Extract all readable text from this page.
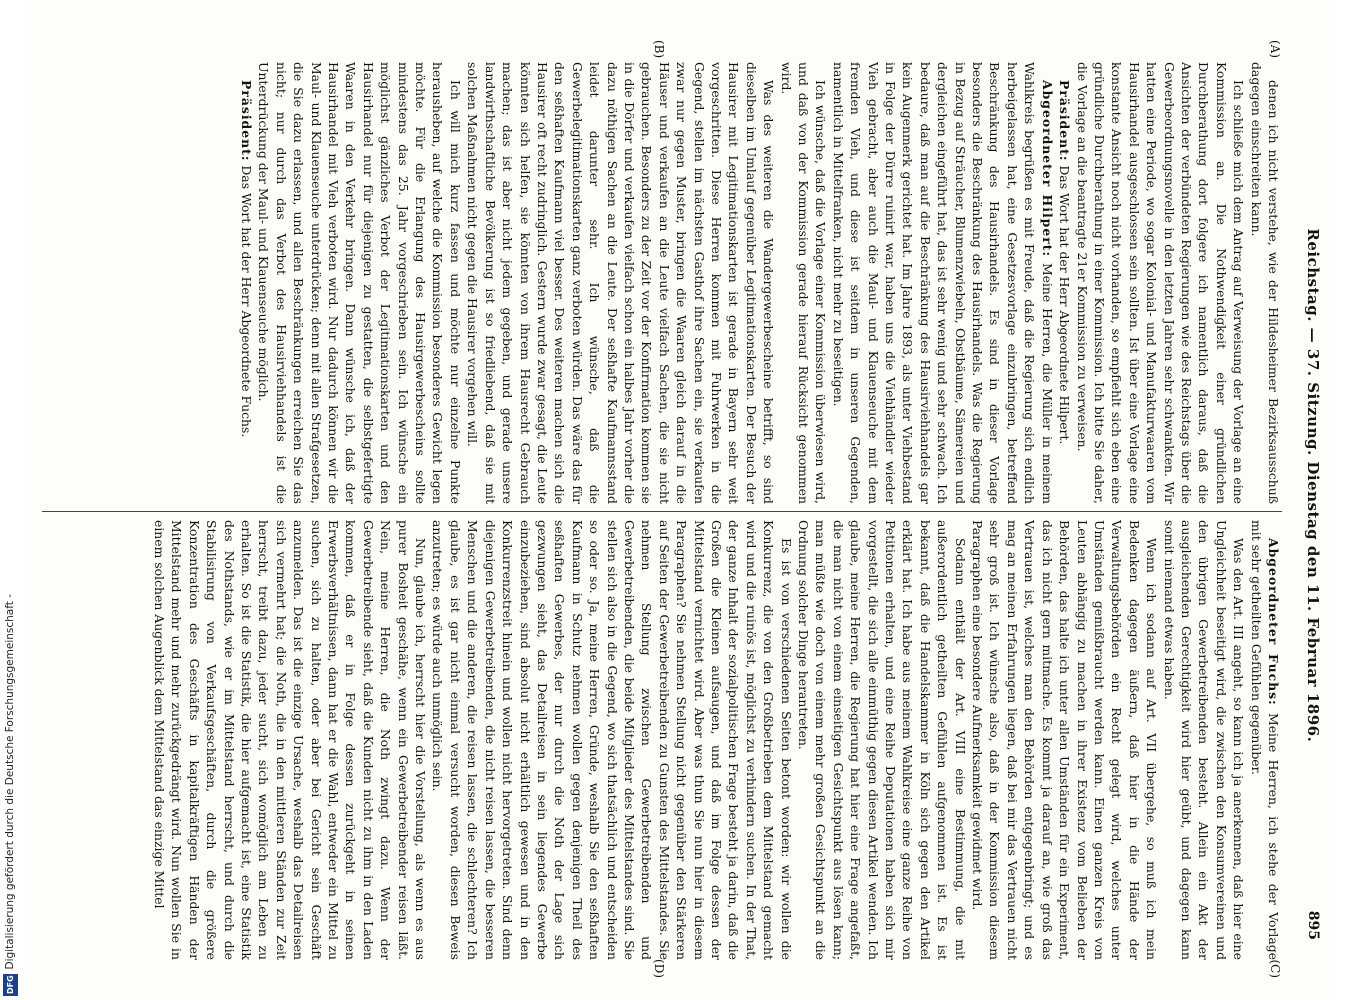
Digitalisierung gefördert durch die Deutsche Forschungsgemeinschaft -
DFG
Reichstag. — 37. Sitzung. Dienstag den 11. Februar 1896.
895
(A)
(B)
(C)
(D)

denen ich nicht verstehe, wie der Hildesheimer Bezirksausschuß dagegen einschreiten kann.

Ich schließe mich dem Antrag auf Verweisung der Vorlage an eine Kommission an. Die Nothwendigkeit einer gründlichen Durchberathung dort folgere ich namentlich daraus, daß die Ansichten der verbündeten Regierungen wie des Reichstags über die Gewerbeordnungsnovelle in den letzten Jahren sehr schwankten. Wir hatten eine Periode, wo sogar Kolonial- und Manufakturwaaren vom Hausirhandel ausgeschlossen sein sollten. Ist über eine Vorlage eine konstante Ansicht noch nicht vorhanden, so empfiehlt sich eben eine gründliche Durchberathung in einer Kommission. Ich bitte Sie daher, die Vorlage an die beantragte 21er Kommission zu verweisen.

Präsident: Das Wort hat der Herr Abgeordnete Hilpert.

Abgeordneter Hilpert: Meine Herren, die Müller in meinem Wahlkreis begrüßen es mit Freude, daß die Regierung sich endlich herbeigelassen hat, eine Gesetzesvorlage einzubringen, betreffend Beschränkung des Hausirhandels. Es sind in dieser Vorlage besonders die Beschränkung des Hausirhandels. Was die Regierung in Bezug auf Sträucher, Blumenzwiebeln, Obstbäume, Sämereien und dergleichen eingeführt hat, das ist sehr wenig und sehr schwach. Ich bedaure, daß man auf die Beschränkung des Hausirviehhandels gar kein Augenmerk gerichtet hat. Im Jahre 1893, als unter Viehbestand in Folge der Dürre ruinirt war, haben uns die Viehhändler wieder Vieh gebracht, aber auch die Maul- und Klauenseuche mit dem fremden Vieh, und diese ist seitdem in unseren Gegenden, namentlich in Mittelfranken, nicht mehr zu beseitigen.

Ich wünsche, daß die Vorlage einer Kommission überwiesen wird, und daß von der Kommission gerade hierauf Rücksicht genommen wird.

Was des weiteren die Wandergewerbescheine betrifft, so sind dieselben im Umlauf gegenüber Legitimationskarten. Der Besuch der Hausirer mit Legitimationskarten ist gerade in Bayern sehr weit vorgeschritten. Diese Herren kommen mit Fuhrwerken in die Gegend, stellen im nächsten Gasthof ihre Sachen ein, sie verkaufen zwar nur gegen Muster, bringen die Waaren gleich darauf in die Häuser und verkaufen an die Leute vielfach Sachen, die sie nicht gebrauchen. Besonders zu der Zeit vor der Konfirmation kommen sie in die Dörfer und verkaufen vielfach schon ein halbes Jahr vorher die dazu nöthigen Sachen an die Leute. Der seßhafte Kaufmannsstand leidet darunter sehr. Ich wünsche, daß die Gewerbelegitimationskarten ganz verboten würden. Das wäre das für den seßhaften Kaufmann viel besser. Des weiteren machen sich die Hausirer oft recht zudringlich. Gestern wurde zwar gesagt, die Leute könnten sich helfen, sie könnten von ihrem Hausrecht Gebrauch machen; das ist aber nicht jedem gegeben, und gerade unsere landwirthschaftliche Bevölkerung ist so friedliebend, daß sie mit solchen Maßnahmen nicht gegen die Hausirer vorgehen will.

Ich will mich kurz fassen und möchte nur einzelne Punkte herausheben, auf welche die Kommission besonderes Gewicht legen möchte. Für die Erlangung des Hausirgewerbescheins sollte mindestens das 25. Jahr vorgeschrieben sein. Ich wünsche ein möglichst gänzliches Verbot der Legitimationskarten und den Hausirhandel nur für diejenigen zu gestatten, die selbstgefertigte Waaren in den Verkehr bringen. Dann wünsche ich, daß der Hausirhandel mit Vieh verboten wird. Nur dadurch können wir die Maul- und Klauenseuche unterdrücken; denn mit allen Strafgesetzen, die Sie dazu erlassen, und allen Beschränkungen erreichen Sie das nicht; nur durch das Verbot des Hausirviehhandels ist die Unterdrückung der Maul- und Klauenseuche möglich.

Präsident: Das Wort hat der Herr Abgeordnete Fuchs.

Abgeordneter Fuchs: Meine Herren, ich stehe der Vorlage mit sehr getheilten Gefühlen gegenüber.

Was den Art. III angeht, so kann ich ja anerkennen, daß hier eine Ungleichheit beseitigt wird, die zwischen den Konsumvereinen und den übrigen Gewerbetreibenden besteht. Allein ein Akt der ausgleichenden Gerechtigkeit wird hier geübt, und dagegen kann somit niemand etwas haben.

Wenn ich sodann auf Art. VII übergehe, so muß ich mein Bedenken dagegen äußern, daß hier in die Hände der Verwaltungsbehörden ein Recht gelegt wird, welches unter Umständen gemißbraucht werden kann. Einen ganzen Kreis von Leuten abhängig zu machen in ihrer Existenz vom Belieben der Behörden, das halte ich unter allen Umständen für ein Experiment, das ich nicht gern mitmache. Es kommt ja darauf an, wie groß das Vertrauen ist, welches man den Behörden entgegenbringt; und es mag an meinen Erfahrungen liegen, daß bei mir das Vertrauen nicht sehr groß ist. Ich wünsche also, daß in der Kommission diesem Paragraphen eine besondere Aufmerksamkeit gewidmet wird.

Sodann enthält der Art. VIII eine Bestimmung, die mit außerordentlich getheilten Gefühlen aufgenommen ist. Es ist bekannt, daß die Handelskammer in Köln sich gegen den Artikel erklärt hat. Ich habe aus meinem Wahlkreise eine ganze Reihe von Petitionen erhalten, und eine Reihe Deputationen haben sich mir vorgestellt, die sich alle einmüthig gegen diesen Artikel wenden. Ich glaube, meine Herren, die Regierung hat hier eine Frage angefaßt, die man nicht von einem einseitigen Gesichtspunkt aus lösen kann; man müßte wie doch von einem mehr großen Gesichtspunkt an die Ordnung solcher Dinge herantreten.

Es ist von verschiedenen Seiten betont worden: wir wollen die Konkurrenz, die von den Großbetrieben dem Mittelstand gemacht wird und die ruinös ist, möglichst zu verhindern suchen. In der That, der ganze Inhalt der sozialpolitischen Frage besteht ja darin, daß die Großen die Kleinen aufsaugen, und daß im Folge dessen der Mittelstand vernichtet wird. Aber was thun Sie nun hier in diesem Paragraphen? Sie nehmen Stellung nicht gegenüber den Stärkeren auf Seiten der Gewerbetreibenden zu Gunsten des Mittelstandes. Sie nehmen Stellung zwischen Gewerbetreibenden und Gewerbetreibenden, die beide Mitglieder des Mittelstandes sind. Sie stellen sich also in die Gegend, wo sich thatsächlich und entscheiden so oder so. Ja, meine Herren, Gründe, weshalb Sie den seßhaften Kaufmann in Schutz nehmen wollen gegen denjenigen Theil des seßhaften Gewerbes, der nur durch die Noth der Lage sich gezwungen sieht, das Detailreisen in sein liegendes Gewerbe einzubeziehen, sind absolut nicht erhältlich gewesen und in den Konkurrenzstreit hinein und wollen nicht hervorgetreten. Sind denn diejenigen Gewerbetreibenden, die nicht reisen lassen, die besseren Menschen und die anderen, die reisen lassen, die schlechteren? Ich glaube, es ist gar nicht einmal versucht worden, diesen Beweis anzutreten; es würde auch unmöglich sein.

Nun, glaube ich, herrscht hier die Vorstellung, als wenn es aus purer Bosheit geschähe, wenn ein Gewerbetreibender reisen läßt. Nein, meine Herren, die Noth zwingt dazu. Wenn der Gewerbetreibende sieht, daß die Kunden nicht zu ihm in den Laden kommen, daß er in Folge dessen zurückgeht in seinen Erwerbsverhältnissen, dann hat er die Wahl, entweder ein Mittel zu suchen, sich zu halten, oder aber bei Gericht sein Geschäft anzumelden. Das ist die einzige Ursache, weshalb das Detailreisen sich vermehrt hat; die Noth, die in den mittleren Ständen zur Zeit herrscht, treibt dazu, jeder sucht, sich womöglich am Leben zu erhalten. So ist die Statistik, die hier aufgemacht ist, eine Statistik des Nothstands, wie er im Mittelstand herrscht, und durch die Stabilisirung von Verkaufsgeschäften, durch die größere Konzentration des Geschäfts in kapitalkräftigen Händen der Mittelstand mehr und mehr zurückgedrängt wird. Nun wollen Sie in einem solchen Augenblick dem Mittelstand das einzige Mittel
